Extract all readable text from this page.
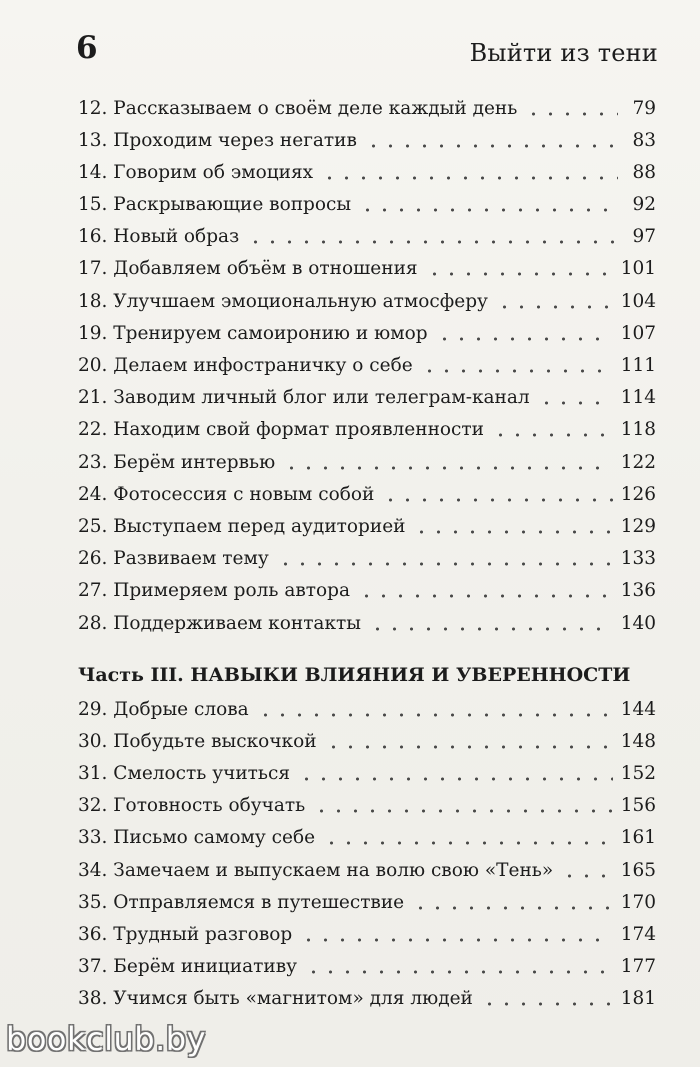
6	Выйти из тени
12. Рассказываем о своём деле каждый день	79
13. Проходим через негатив	83
14. Говорим об эмоциях	88
15. Раскрывающие вопросы	92
16. Новый образ	97
17. Добавляем объём в отношения	101
18. Улучшаем эмоциональную атмосферу	104
19. Тренируем самоиронию и юмор	107
20. Делаем инфостраничку о себе	111
21. Заводим личный блог или телеграм-канал	114
22. Находим свой формат проявленности	118
23. Берём интервью	122
24. Фотосессия с новым собой	126
25. Выступаем перед аудиторией	129
26. Развиваем тему	133
27. Примеряем роль автора	136
28. Поддерживаем контакты	140
Часть III. НАВЫКИ ВЛИЯНИЯ И УВЕРЕННОСТИ
29. Добрые слова	144
30. Побудьте выскочкой	148
31. Смелость учиться	152
32. Готовность обучать	156
33. Письмо самому себе	161
34. Замечаем и выпускаем на волю свою «Тень»	165
35. Отправляемся в путешествие	170
36. Трудный разговор	174
37. Берём инициативу	177
38. Учимся быть «магнитом» для людей	181
bookclub.by
